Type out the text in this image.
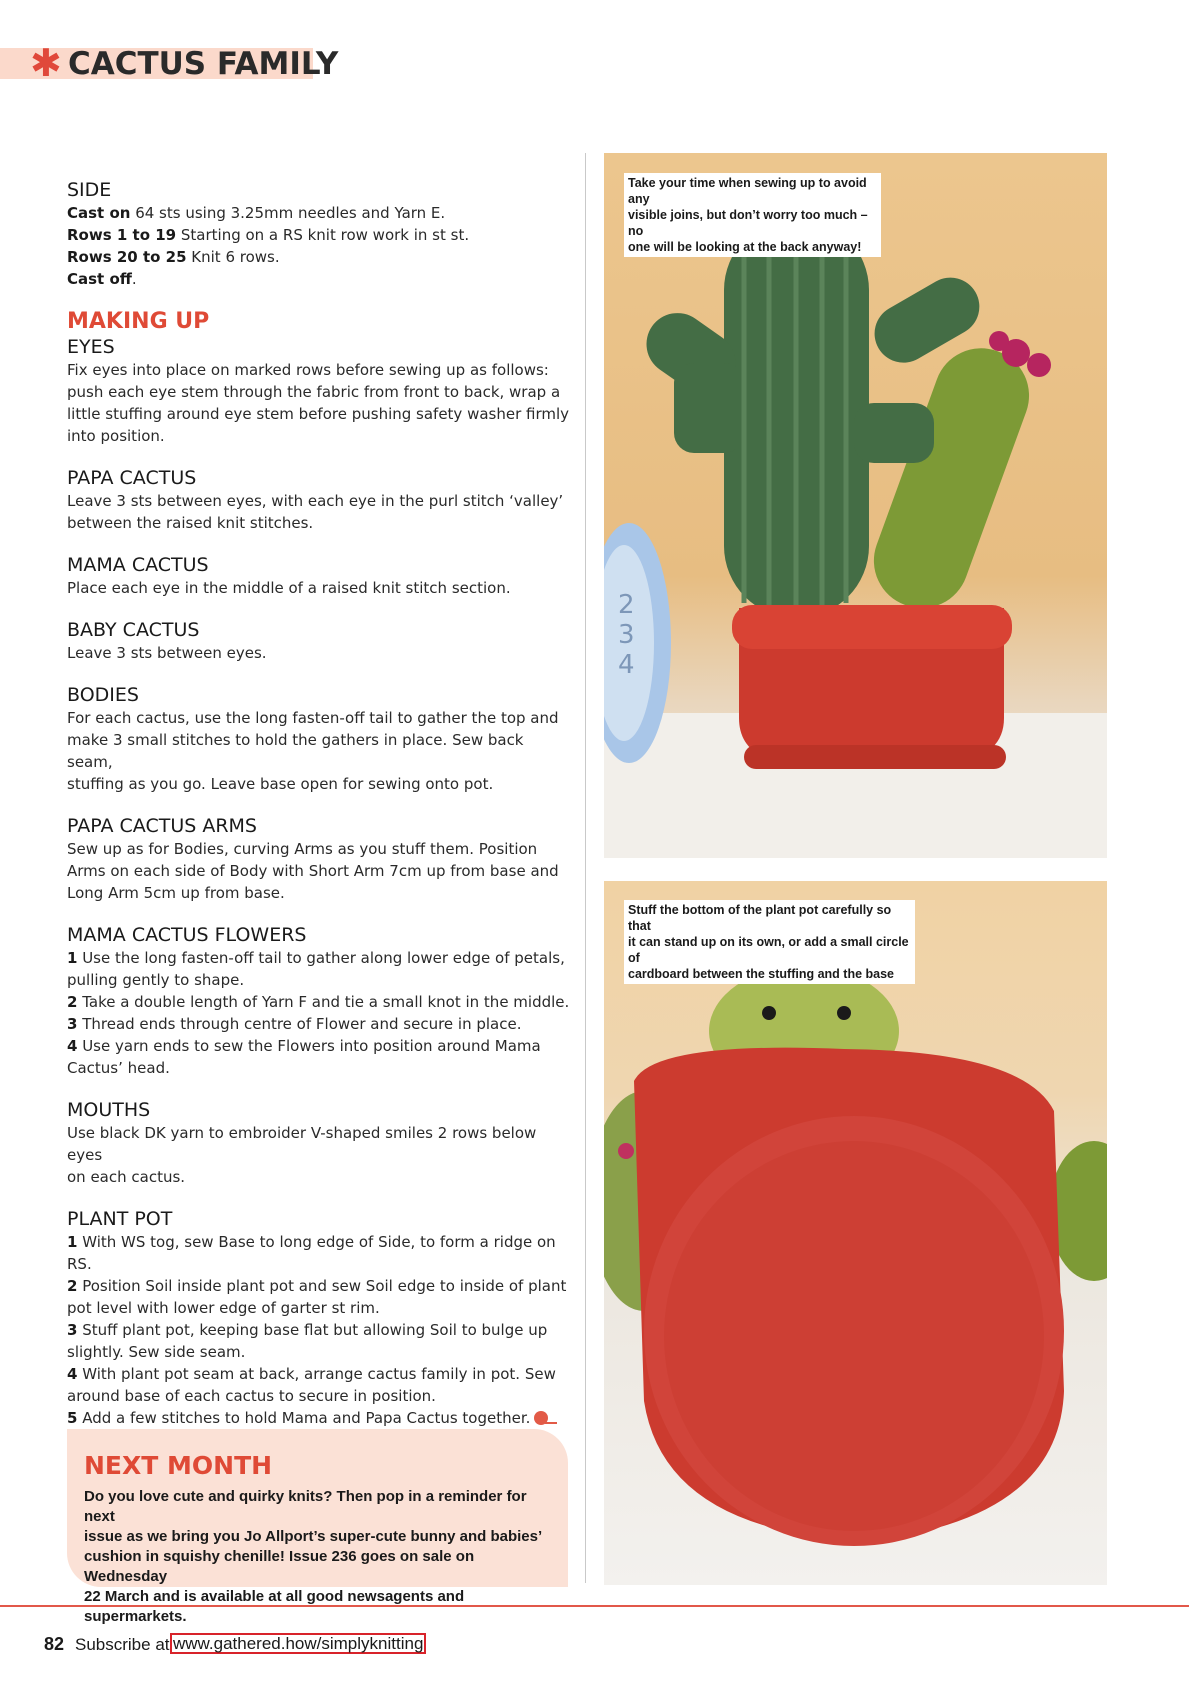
✱ CACTUS FAMILY
SIDE
Cast on 64 sts using 3.25mm needles and Yarn E.
Rows 1 to 19 Starting on a RS knit row work in st st.
Rows 20 to 25 Knit 6 rows.
Cast off.
MAKING UP
EYES
Fix eyes into place on marked rows before sewing up as follows:
push each eye stem through the fabric from front to back, wrap a
little stuffing around eye stem before pushing safety washer firmly
into position.
PAPA CACTUS
Leave 3 sts between eyes, with each eye in the purl stitch ‘valley’
between the raised knit stitches.
MAMA CACTUS
Place each eye in the middle of a raised knit stitch section.
BABY CACTUS
Leave 3 sts between eyes.
BODIES
For each cactus, use the long fasten-off tail to gather the top and
make 3 small stitches to hold the gathers in place. Sew back seam,
stuffing as you go. Leave base open for sewing onto pot.
PAPA CACTUS ARMS
Sew up as for Bodies, curving Arms as you stuff them. Position
Arms on each side of Body with Short Arm 7cm up from base and
Long Arm 5cm up from base.
MAMA CACTUS FLOWERS
1 Use the long fasten-off tail to gather along lower edge of petals,
pulling gently to shape.
2 Take a double length of Yarn F and tie a small knot in the middle.
3 Thread ends through centre of Flower and secure in place.
4 Use yarn ends to sew the Flowers into position around Mama
Cactus’ head.
MOUTHS
Use black DK yarn to embroider V-shaped smiles 2 rows below eyes
on each cactus.
PLANT POT
1 With WS tog, sew Base to long edge of Side, to form a ridge on RS.
2 Position Soil inside plant pot and sew Soil edge to inside of plant
pot level with lower edge of garter st rim.
3 Stuff plant pot, keeping base flat but allowing Soil to bulge up
slightly. Sew side seam.
4 With plant pot seam at back, arrange cactus family in pot. Sew
around base of each cactus to secure in position.
5 Add a few stitches to hold Mama and Papa Cactus together.
NEXT MONTH
Do you love cute and quirky knits? Then pop in a reminder for next
issue as we bring you Jo Allport’s super-cute bunny and babies’
cushion in squishy chenille! Issue 236 goes on sale on Wednesday
22 March and is available at all good newsagents and supermarkets.
2
3
4
Take your time when sewing up to avoid any
visible joins, but don’t worry too much – no
one will be looking at the back anyway!
Stuff the bottom of the plant pot carefully so that
it can stand up on its own, or add a small circle of
cardboard between the stuffing and the base
82 Subscribe at www.gathered.how/simplyknitting
